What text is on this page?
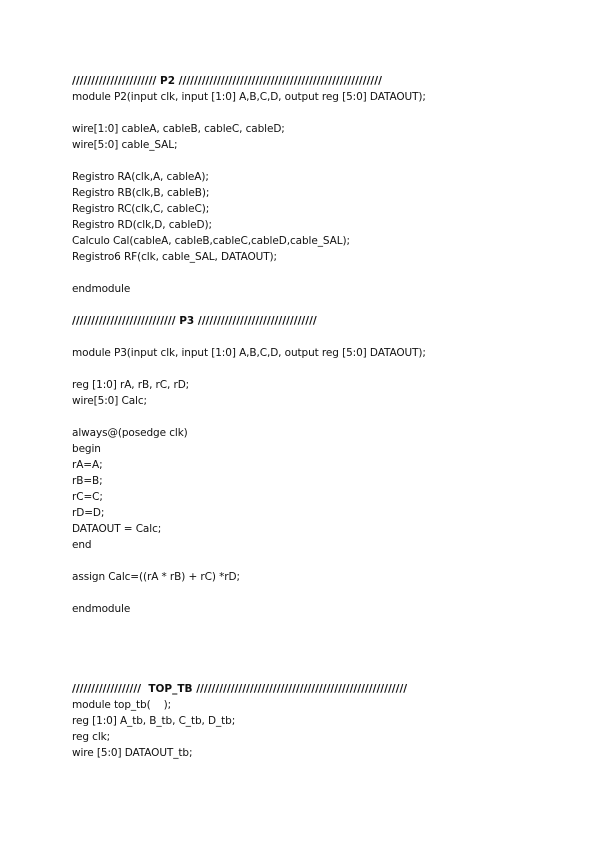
////////////////////// P2 /////////////////////////////////////////////////////
module P2(input clk, input [1:0] A,B,C,D, output reg [5:0] DATAOUT);
wire[1:0] cableA, cableB, cableC, cableD;
wire[5:0] cable_SAL;
Registro RA(clk,A, cableA);
Registro RB(clk,B, cableB);
Registro RC(clk,C, cableC);
Registro RD(clk,D, cableD);
Calculo Cal(cableA, cableB,cableC,cableD,cable_SAL);
Registro6 RF(clk, cable_SAL, DATAOUT);
endmodule
/////////////////////////// P3 ///////////////////////////////
module P3(input clk, input [1:0] A,B,C,D, output reg [5:0] DATAOUT);
reg [1:0] rA, rB, rC, rD;
wire[5:0] Calc;
always@(posedge clk)
begin
rA=A;
rB=B;
rC=C;
rD=D;
DATAOUT = Calc;
end
assign Calc=((rA * rB) + rC) *rD;
endmodule
//////////////////  TOP_TB ///////////////////////////////////////////////////////
module top_tb(    );
reg [1:0] A_tb, B_tb, C_tb, D_tb;
reg clk;
wire [5:0] DATAOUT_tb;
